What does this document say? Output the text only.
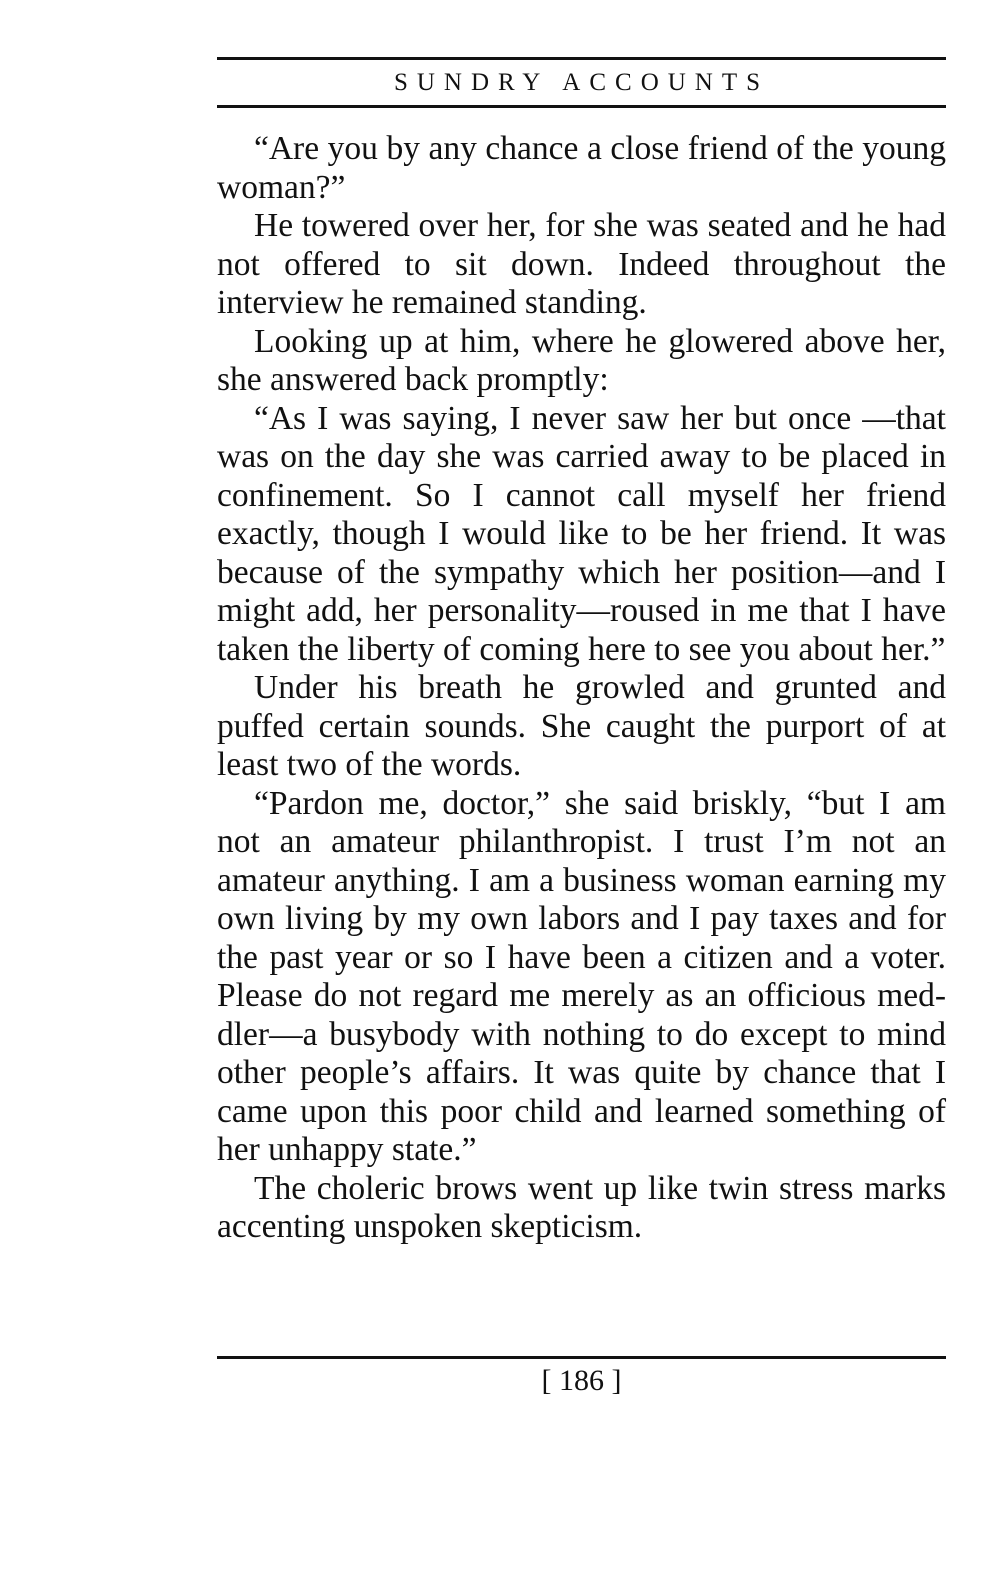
SUNDRY ACCOUNTS

“Are you by any chance a close friend of the young woman?”

He towered over her, for she was seated and he had not offered to sit down. Indeed throughout the interview he remained standing.

Looking up at him, where he glowered above her, she answered back promptly:

“As I was saying, I never saw her but once —that was on the day she was carried away to be placed in confinement. So I cannot call myself her friend exactly, though I would like to be her friend. It was because of the sympathy which her position—and I might add, her personality—roused in me that I have taken the liberty of coming here to see you about her.”

Under his breath he growled and grunted and puffed certain sounds. She caught the purport of at least two of the words.

“Pardon me, doctor,” she said briskly, “but I am not an amateur philanthropist. I trust I’m not an amateur anything. I am a business woman earning my own living by my own labors and I pay taxes and for the past year or so I have been a citizen and a voter. Please do not regard me merely as an officious meddler—a busybody with nothing to do except to mind other people’s affairs. It was quite by chance that I came upon this poor child and learned something of her unhappy state.”

The choleric brows went up like twin stress marks accenting unspoken skepticism.

[ 186 ]
